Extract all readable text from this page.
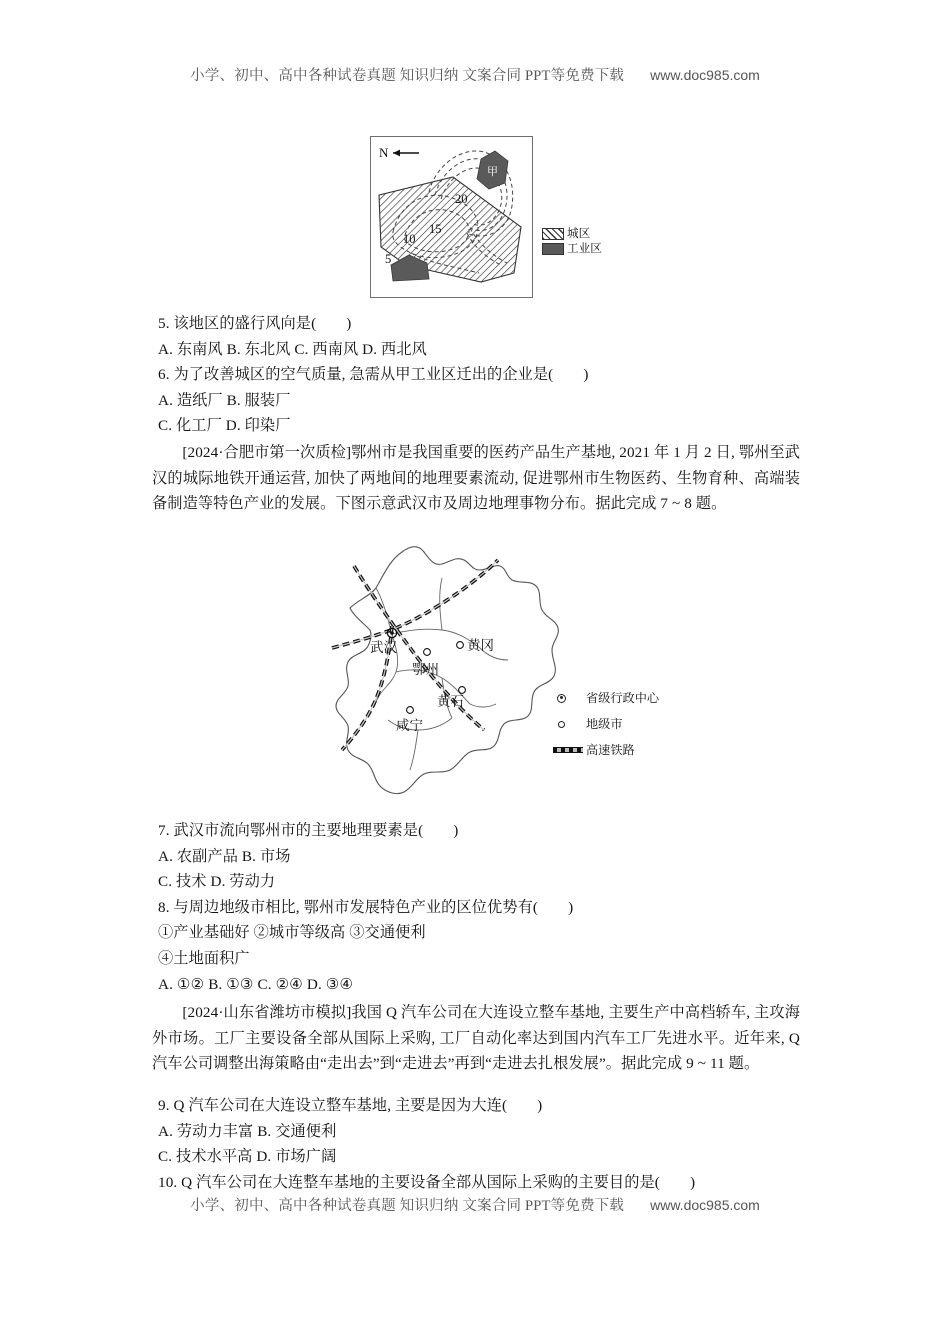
小学、初中、高中各种试卷真题 知识归纳 文案合同 PPT等免费下载 www.doc985.com
N
甲
20
15
10
5
城区
工业区
武汉
鄂州
黄冈
黄石
咸宁
省级行政中心
地级市
高速铁路
5. 该地区的盛行风向是( )
A. 东南风 B. 东北风 C. 西南风 D. 西北风
6. 为了改善城区的空气质量, 急需从甲工业区迁出的企业是( )
A. 造纸厂 B. 服装厂
C. 化工厂 D. 印染厂
[2024·合肥市第一次质检]鄂州市是我国重要的医药产品生产基地, 2021 年 1 月 2 日, 鄂州至武汉的城际地铁开通运营, 加快了两地间的地理要素流动, 促进鄂州市生物医药、生物育种、高端装备制造等特色产业的发展。下图示意武汉市及周边地理事物分布。据此完成 7 ~ 8 题。
7. 武汉市流向鄂州市的主要地理要素是( )
A. 农副产品 B. 市场
C. 技术 D. 劳动力
8. 与周边地级市相比, 鄂州市发展特色产业的区位优势有( )
①产业基础好 ②城市等级高 ③交通便利
④土地面积广
A. ①② B. ①③ C. ②④ D. ③④
[2024·山东省潍坊市模拟]我国 Q 汽车公司在大连设立整车基地, 主要生产中高档轿车, 主攻海外市场。工厂主要设备全部从国际上采购, 工厂自动化率达到国内汽车工厂先进水平。近年来, Q 汽车公司调整出海策略由“走出去”到“走进去”再到“走进去扎根发展”。据此完成 9 ~ 11 题。
9. Q 汽车公司在大连设立整车基地, 主要是因为大连( )
A. 劳动力丰富 B. 交通便利
C. 技术水平高 D. 市场广阔
10. Q 汽车公司在大连整车基地的主要设备全部从国际上采购的主要目的是( )
小学、初中、高中各种试卷真题 知识归纳 文案合同 PPT等免费下载 www.doc985.com
